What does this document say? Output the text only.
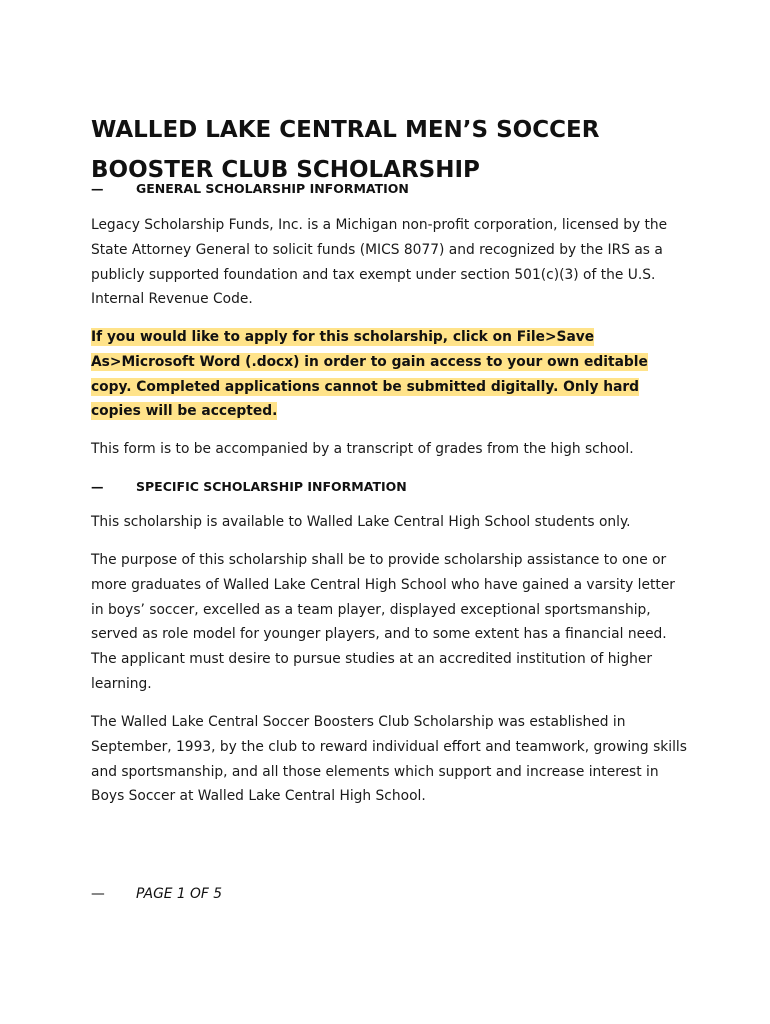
WALLED LAKE CENTRAL MEN’S SOCCER
BOOSTER CLUB SCHOLARSHIP
—	GENERAL SCHOLARSHIP INFORMATION

Legacy Scholarship Funds, Inc. is a Michigan non-profit corporation, licensed by the State Attorney General to solicit funds (MICS 8077) and recognized by the IRS as a publicly supported foundation and tax exempt under section 501(c)(3) of the U.S. Internal Revenue Code.

If you would like to apply for this scholarship, click on File>Save As>Microsoft Word (.docx) in order to gain access to your own editable copy. Completed applications cannot be submitted digitally. Only hard copies will be accepted.

This form is to be accompanied by a transcript of grades from the high school.

—	SPECIFIC SCHOLARSHIP INFORMATION

This scholarship is available to Walled Lake Central High School students only.

The purpose of this scholarship shall be to provide scholarship assistance to one or more graduates of Walled Lake Central High School who have gained a varsity letter in boys’ soccer, excelled as a team player, displayed exceptional sportsmanship, served as role model for younger players, and to some extent has a financial need. The applicant must desire to pursue studies at an accredited institution of higher learning.

The Walled Lake Central Soccer Boosters Club Scholarship was established in September, 1993, by the club to reward individual effort and teamwork, growing skills and sportsmanship, and all those elements which support and increase interest in Boys Soccer at Walled Lake Central High School.

— PAGE 1 OF 5
